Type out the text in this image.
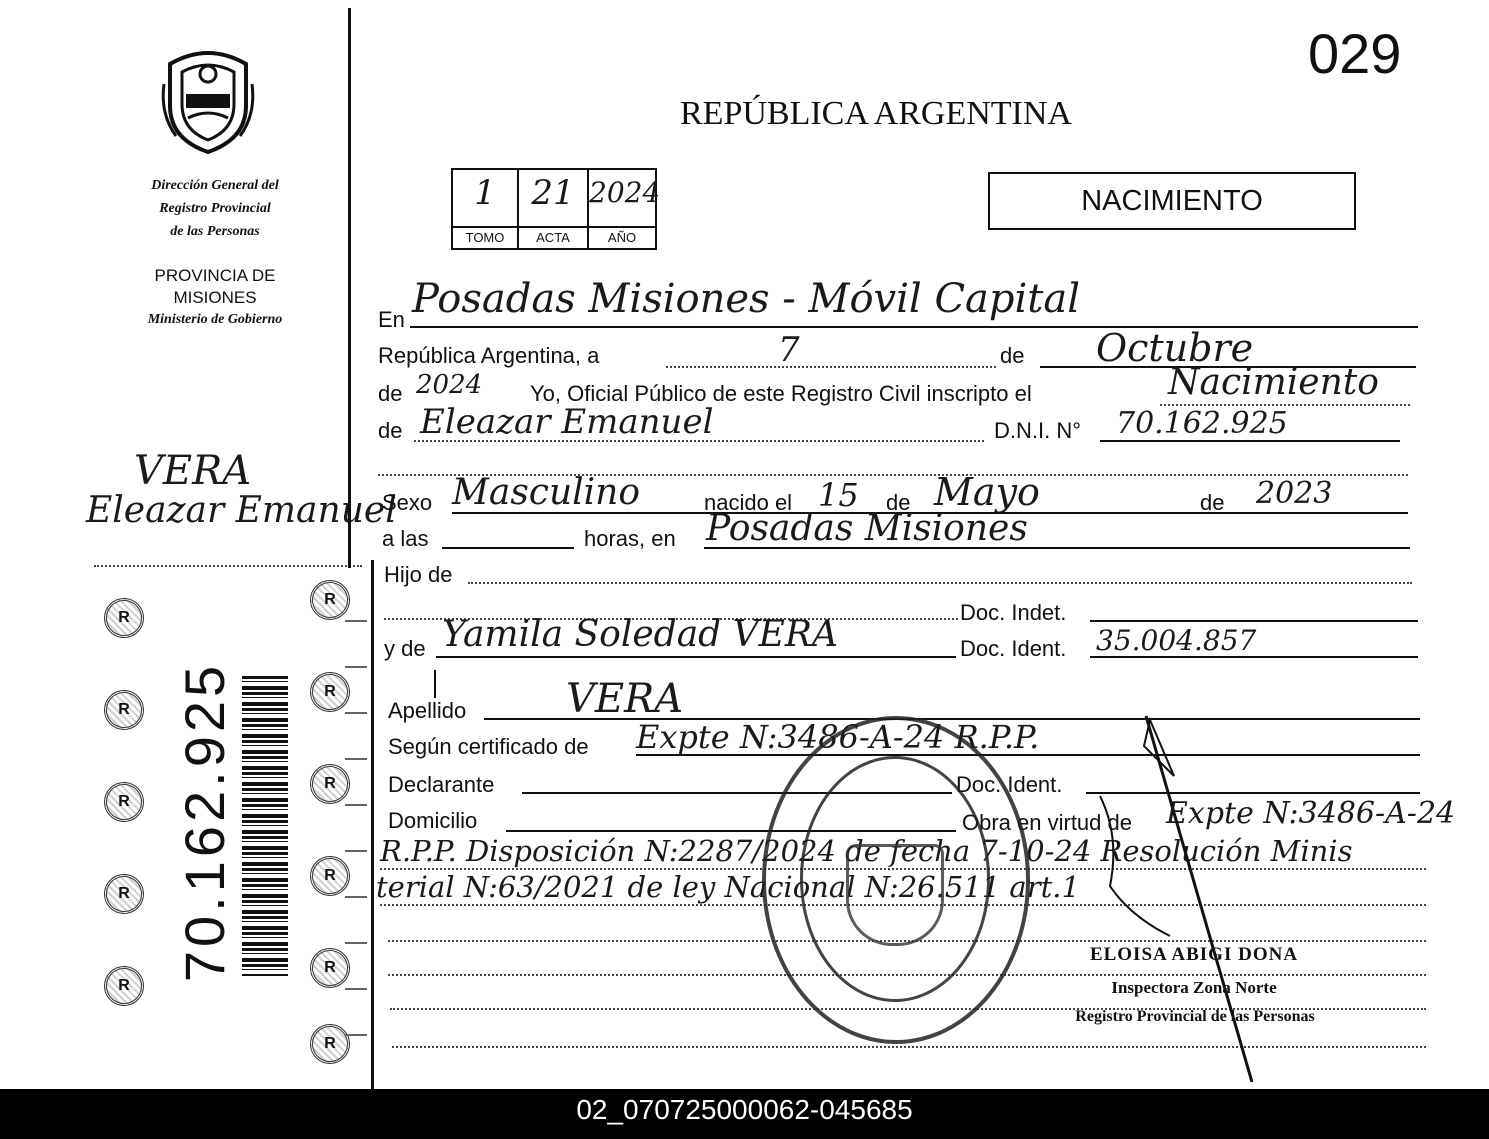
Dirección General del
Registro Provincial
de las Personas
PROVINCIA DE
MISIONES
Ministerio de Gobierno
VERA
Eleazar Emanuel
70.162.925
R
R
R
R
R
R
R
R
R
R
R
029
REPÚBLICA ARGENTINA
1	21 2024
TOMO	ACTA	AÑO
NACIMIENTO
En Posadas Misiones - Móvil Capital
República Argentina, a	7	de Octubre
de 2024 Yo, Oficial Público de este Registro Civil inscripto el	Nacimiento
de Eleazar Emanuel	D.N.I. N° 70.162.925
Sexo Masculino	nacido el 15 de Mayo	de 2023
a las	horas, en Posadas Misiones
Hijo de
Doc. Indet.
y de Yamila Soledad VERA	Doc. Ident. 35.004.857
Apellido VERA
Según certificado de Expte N:3486-A-24 R.P.P.
Declarante	Doc. Ident.
Domicilio	Obra en virtud de Expte N:3486-A-24
R.P.P. Disposición N:2287/2024 de fecha 7-10-24 Resolución Minis
terial N:63/2021 de ley Nacional N:26.511 art.1
ELOISA ABIGI DONA
Inspectora Zona Norte
Registro Provincial de las Personas
02_070725000062-045685
